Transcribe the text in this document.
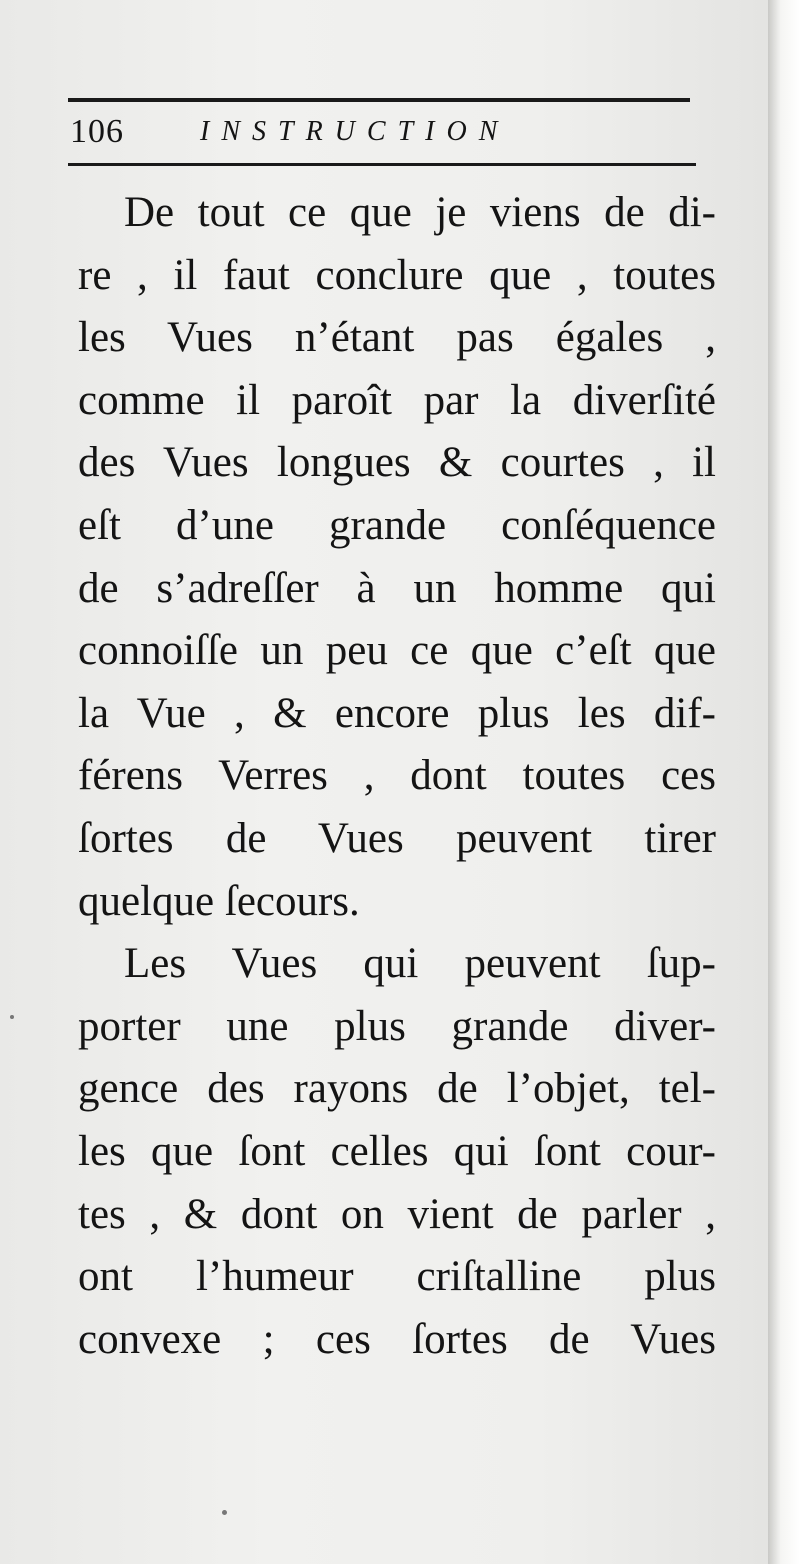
106	INSTRUCTION
De tout ce que je viens de di-
re , il faut conclure que , toutes
les Vues n’étant pas égales ,
comme il paroît par la diverſité
des Vues longues & courtes , il
eſt d’une grande conſéquence
de s’adreſſer à un homme qui
connoiſſe un peu ce que c’eſt que
la Vue , & encore plus les dif-
férens Verres , dont toutes ces
ſortes de Vues peuvent tirer
quelque ſecours.
Les Vues qui peuvent ſup-
porter une plus grande diver-
gence des rayons de l’objet, tel-
les que ſont celles qui ſont cour-
tes , & dont on vient de parler ,
ont l’humeur criſtalline plus
convexe ; ces ſortes de Vues
